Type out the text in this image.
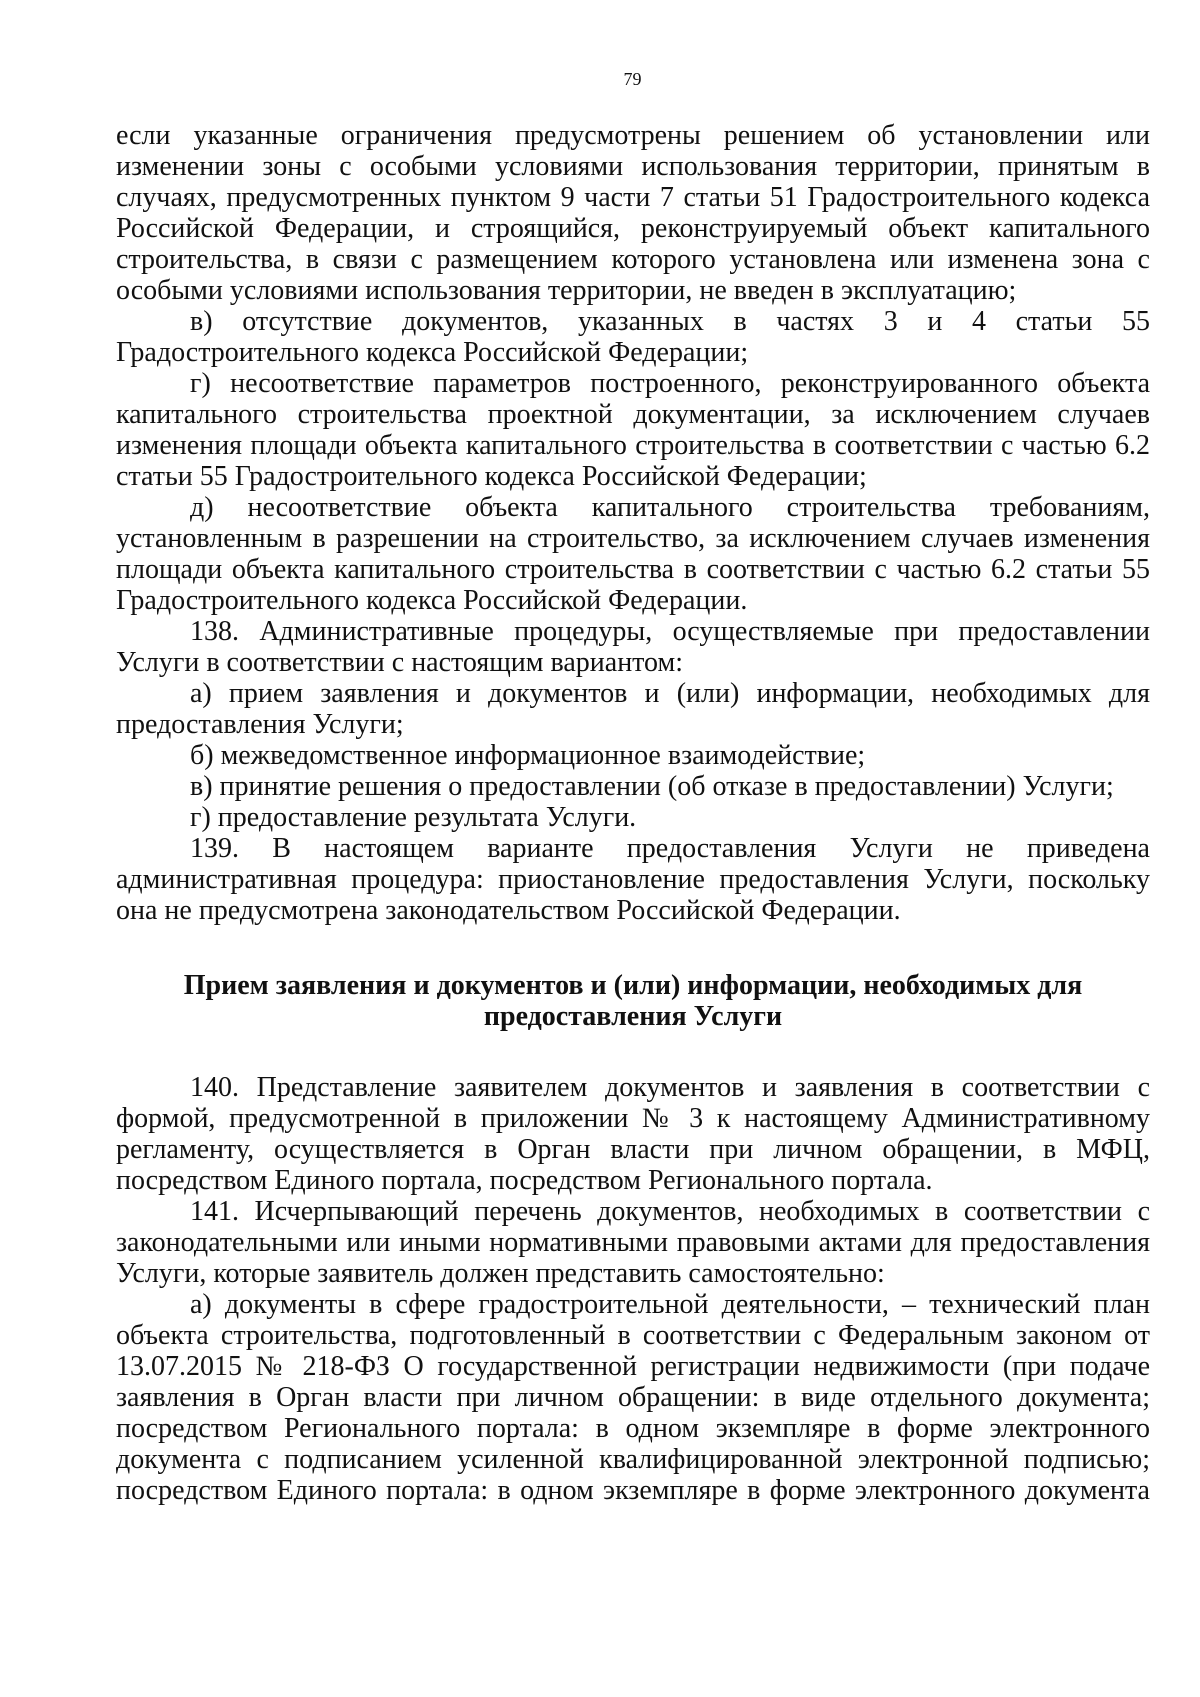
79

если указанные ограничения предусмотрены решением об установлении или изменении зоны с особыми условиями использования территории, принятым в случаях, предусмотренных пунктом 9 части 7 статьи 51 Градостроительного кодекса Российской Федерации, и строящийся, реконструируемый объект капитального строительства, в связи с размещением которого установлена или изменена зона с особыми условиями использования территории, не введен в эксплуатацию;

в) отсутствие документов, указанных в частях 3 и 4 статьи 55 Градостроительного кодекса Российской Федерации;

г) несоответствие параметров построенного, реконструированного объекта капитального строительства проектной документации, за исключением случаев изменения площади объекта капитального строительства в соответствии с частью 6.2 статьи 55 Градостроительного кодекса Российской Федерации;

д) несоответствие объекта капитального строительства требованиям, установленным в разрешении на строительство, за исключением случаев изменения площади объекта капитального строительства в соответствии с частью 6.2 статьи 55 Градостроительного кодекса Российской Федерации.

138. Административные процедуры, осуществляемые при предоставлении Услуги в соответствии с настоящим вариантом:

а) прием заявления и документов и (или) информации, необходимых для предоставления Услуги;

б) межведомственное информационное взаимодействие;

в) принятие решения о предоставлении (об отказе в предоставлении) Услуги;

г) предоставление результата Услуги.

139. В настоящем варианте предоставления Услуги не приведена административная процедура: приостановление предоставления Услуги, поскольку она не предусмотрена законодательством Российской Федерации.

Прием заявления и документов и (или) информации, необходимых для
предоставления Услуги

140. Представление заявителем документов и заявления в соответствии с формой, предусмотренной в приложении № 3 к настоящему Административному регламенту, осуществляется в Орган власти при личном обращении, в МФЦ, посредством Единого портала, посредством Регионального портала.

141. Исчерпывающий перечень документов, необходимых в соответствии с законодательными или иными нормативными правовыми актами для предоставления Услуги, которые заявитель должен представить самостоятельно:

а) документы в сфере градостроительной деятельности, – технический план объекта строительства, подготовленный в соответствии с Федеральным законом от 13.07.2015 № 218-ФЗ О государственной регистрации недвижимости (при подаче заявления в Орган власти при личном обращении: в виде отдельного документа; посредством Регионального портала: в одном экземпляре в форме электронного документа с подписанием усиленной квалифицированной электронной подписью; посредством Единого портала: в одном экземпляре в форме электронного документа
